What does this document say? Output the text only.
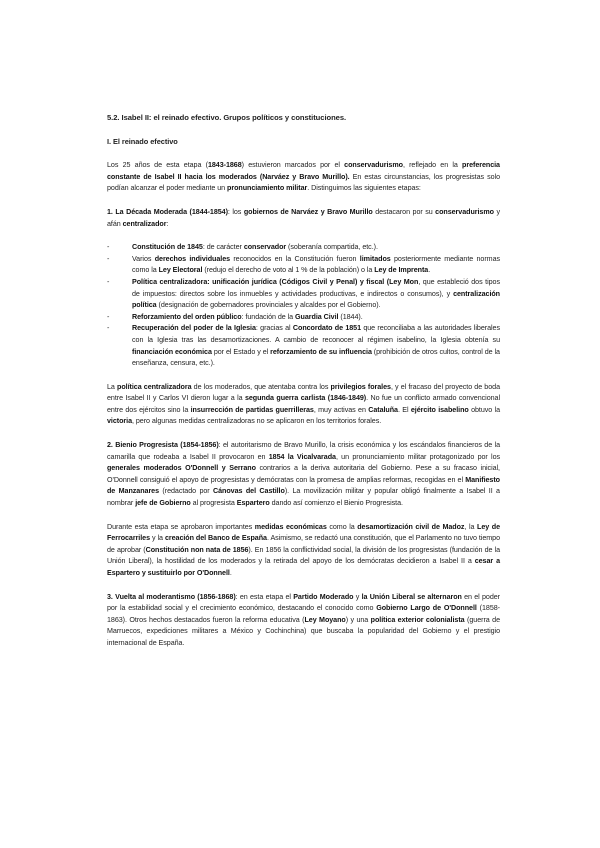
5.2. Isabel II: el reinado efectivo. Grupos políticos y constituciones.
I. El reinado efectivo

Los 25 años de esta etapa (1843-1868) estuvieron marcados por el conservadurismo, reflejado en la preferencia constante de Isabel II hacia los moderados (Narváez y Bravo Murillo). En estas circunstancias, los progresistas solo podían alcanzar el poder mediante un pronunciamiento militar. Distinguimos las siguientes etapas:

1. La Década Moderada (1844-1854): los gobiernos de Narváez y Bravo Murillo destacaron por su conservadurismo y afán centralizador:

-	Constitución de 1845: de carácter conservador (soberanía compartida, etc.).
-	Varios derechos individuales reconocidos en la Constitución fueron limitados posteriormente mediante normas como la Ley Electoral (redujo el derecho de voto al 1 % de la población) o la Ley de Imprenta.
-	Política centralizadora: unificación jurídica (Códigos Civil y Penal) y fiscal (Ley Mon, que estableció dos tipos de impuestos: directos sobre los inmuebles y actividades productivas, e indirectos o consumos), y centralización política (designación de gobernadores provinciales y alcaldes por el Gobierno).
-	Reforzamiento del orden público: fundación de la Guardia Civil (1844).
-	Recuperación del poder de la Iglesia: gracias al Concordato de 1851 que reconciliaba a las autoridades liberales con la Iglesia tras las desamortizaciones. A cambio de reconocer al régimen isabelino, la Iglesia obtenía su financiación económica por el Estado y el reforzamiento de su influencia (prohibición de otros cultos, control de la enseñanza, censura, etc.).

La política centralizadora de los moderados, que atentaba contra los privilegios forales, y el fracaso del proyecto de boda entre Isabel II y Carlos VI dieron lugar a la segunda guerra carlista (1846-1849). No fue un conflicto armado convencional entre dos ejércitos sino la insurrección de partidas guerrilleras, muy activas en Cataluña. El ejército isabelino obtuvo la victoria, pero algunas medidas centralizadoras no se aplicaron en los territorios forales.

2. Bienio Progresista (1854-1856): el autoritarismo de Bravo Murillo, la crisis económica y los escándalos financieros de la camarilla que rodeaba a Isabel II provocaron en 1854 la Vicalvarada, un pronunciamiento militar protagonizado por los generales moderados O'Donnell y Serrano contrarios a la deriva autoritaria del Gobierno. Pese a su fracaso inicial, O'Donnell consiguió el apoyo de progresistas y demócratas con la promesa de amplias reformas, recogidas en el Manifiesto de Manzanares (redactado por Cánovas del Castillo). La movilización militar y popular obligó finalmente a Isabel II a nombrar jefe de Gobierno al progresista Espartero dando así comienzo el Bienio Progresista.

Durante esta etapa se aprobaron importantes medidas económicas como la desamortización civil de Madoz, la Ley de Ferrocarriles y la creación del Banco de España. Asimismo, se redactó una constitución, que el Parlamento no tuvo tiempo de aprobar (Constitución non nata de 1856). En 1856 la conflictividad social, la división de los progresistas (fundación de la Unión Liberal), la hostilidad de los moderados y la retirada del apoyo de los demócratas decidieron a Isabel II a cesar a Espartero y sustituirlo por O'Donnell.

3. Vuelta al moderantismo (1856-1868): en esta etapa el Partido Moderado y la Unión Liberal se alternaron en el poder por la estabilidad social y el crecimiento económico, destacando el conocido como Gobierno Largo de O'Donnell (1858-1863). Otros hechos destacados fueron la reforma educativa (Ley Moyano) y una política exterior colonialista (guerra de Marruecos, expediciones militares a México y Cochinchina) que buscaba la popularidad del Gobierno y el prestigio internacional de España.
